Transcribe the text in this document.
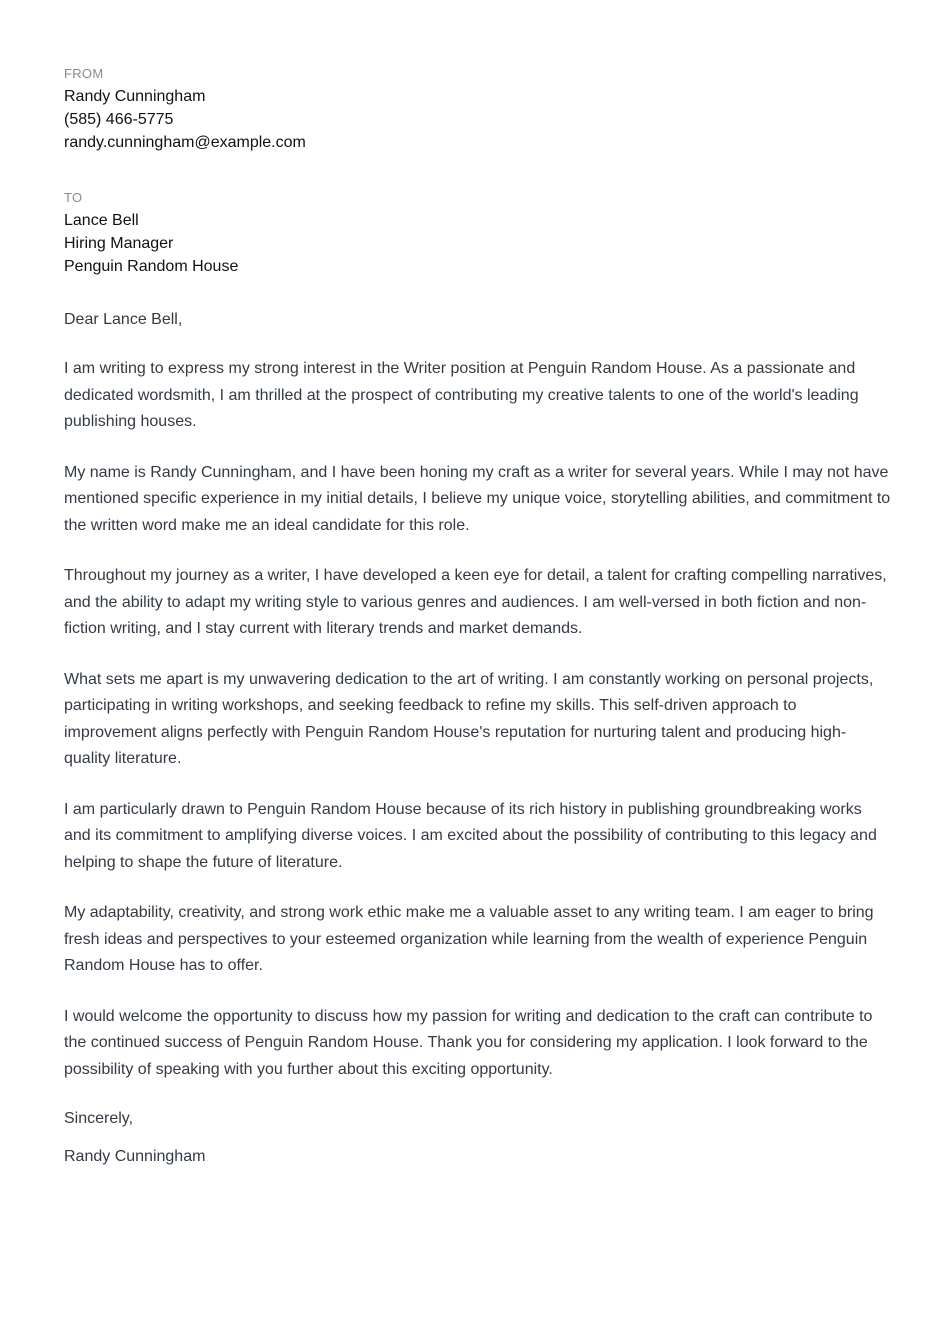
FROM
Randy Cunningham
(585) 466-5775
randy.cunningham@example.com
TO
Lance Bell
Hiring Manager
Penguin Random House
Dear Lance Bell,

I am writing to express my strong interest in the Writer position at Penguin Random House. As a passionate and dedicated wordsmith, I am thrilled at the prospect of contributing my creative talents to one of the world's leading publishing houses.

My name is Randy Cunningham, and I have been honing my craft as a writer for several years. While I may not have mentioned specific experience in my initial details, I believe my unique voice, storytelling abilities, and commitment to the written word make me an ideal candidate for this role.

Throughout my journey as a writer, I have developed a keen eye for detail, a talent for crafting compelling narratives, and the ability to adapt my writing style to various genres and audiences. I am well-versed in both fiction and non-fiction writing, and I stay current with literary trends and market demands.

What sets me apart is my unwavering dedication to the art of writing. I am constantly working on personal projects, participating in writing workshops, and seeking feedback to refine my skills. This self-driven approach to improvement aligns perfectly with Penguin Random House's reputation for nurturing talent and producing high-quality literature.

I am particularly drawn to Penguin Random House because of its rich history in publishing groundbreaking works and its commitment to amplifying diverse voices. I am excited about the possibility of contributing to this legacy and helping to shape the future of literature.

My adaptability, creativity, and strong work ethic make me a valuable asset to any writing team. I am eager to bring fresh ideas and perspectives to your esteemed organization while learning from the wealth of experience Penguin Random House has to offer.

I would welcome the opportunity to discuss how my passion for writing and dedication to the craft can contribute to the continued success of Penguin Random House. Thank you for considering my application. I look forward to the possibility of speaking with you further about this exciting opportunity.

Sincerely,
Randy Cunningham
